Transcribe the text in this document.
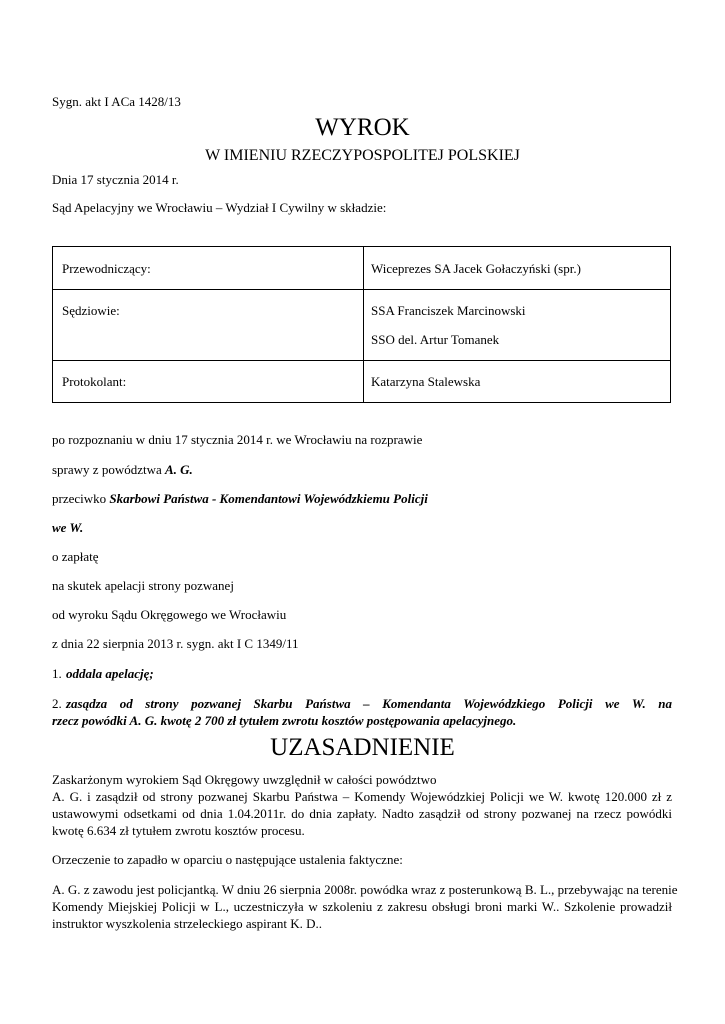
Sygn. akt I ACa 1428/13
WYROK
W IMIENIU RZECZYPOSPOLITEJ POLSKIEJ
Dnia 17 stycznia 2014 r.
Sąd Apelacyjny we Wrocławiu – Wydział I Cywilny w składzie:
Przewodniczący:	Wiceprezes SA Jacek Gołaczyński (spr.)
Sędziowie:	SSA Franciszek Marcinowski
SSO del. Artur Tomanek
Protokolant:	Katarzyna Stalewska
po rozpoznaniu w dniu 17 stycznia 2014 r. we Wrocławiu na rozprawie
sprawy z powództwa A. G.
przeciwko Skarbowi Państwa - Komendantowi Wojewódzkiemu Policji
we W.
o zapłatę
na skutek apelacji strony pozwanej
od wyroku Sądu Okręgowego we Wrocławiu
z dnia 22 sierpnia 2013 r. sygn. akt I C 1349/11
1. oddala apelację;
2. zasądza od strony pozwanej Skarbu Państwa – Komendanta Wojewódzkiego Policji we W. na
rzecz powódki A. G. kwotę 2 700 zł tytułem zwrotu kosztów postępowania apelacyjnego.
UZASADNIENIE
Zaskarżonym wyrokiem Sąd Okręgowy uwzględnił w całości powództwo
A. G. i zasądził od strony pozwanej Skarbu Państwa – Komendy Wojewódzkiej Policji we W. kwotę 120.000 zł z
ustawowymi odsetkami od dnia 1.04.2011r. do dnia zapłaty. Nadto zasądził od strony pozwanej na rzecz powódki
kwotę 6.634 zł tytułem zwrotu kosztów procesu.
Orzeczenie to zapadło w oparciu o następujące ustalenia faktyczne:
A. G. z zawodu jest policjantką. W dniu 26 sierpnia 2008r. powódka wraz z posterunkową B. L., przebywając na terenie
Komendy Miejskiej Policji w L., uczestniczyła w szkoleniu z zakresu obsługi broni marki W.. Szkolenie prowadził
instruktor wyszkolenia strzeleckiego aspirant K. D..
